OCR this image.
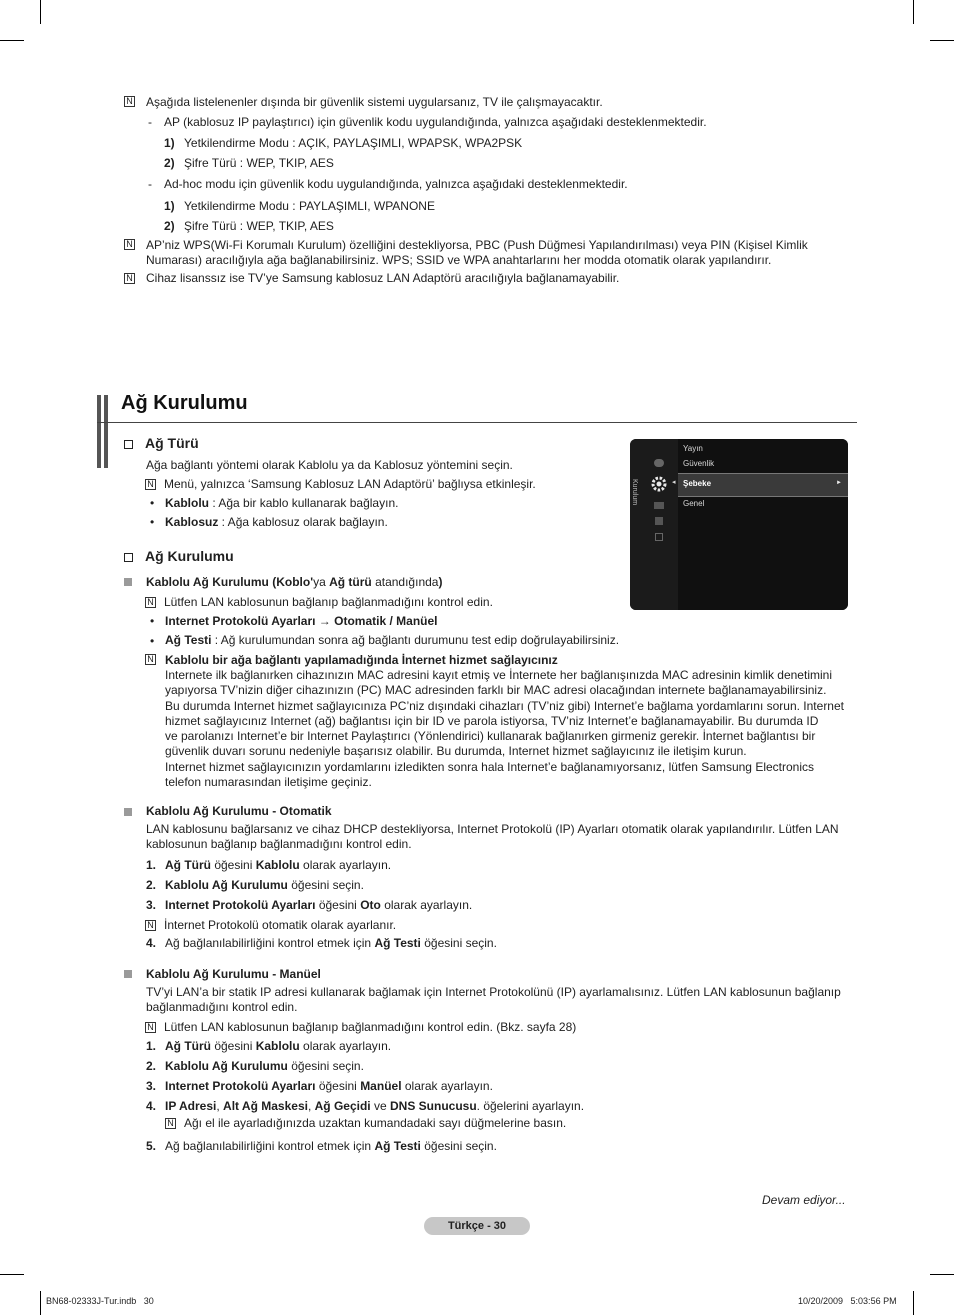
N Aşağıda listelenenler dışında bir güvenlik sistemi uygularsanız, TV ile çalışmayacaktır.
- AP (kablosuz IP paylaştırıcı) için güvenlik kodu uygulandığında, yalnızca aşağıdaki desteklenmektedir.
1) Yetkilendirme Modu : AÇIK, PAYLAŞIMLI, WPAPSK, WPA2PSK
2) Şifre Türü : WEP, TKIP, AES
- Ad-hoc modu için güvenlik kodu uygulandığında, yalnızca aşağıdaki desteklenmektedir.
1) Yetkilendirme Modu : PAYLAŞIMLI, WPANONE
2) Şifre Türü : WEP, TKIP, AES
N AP’niz WPS(Wi-Fi Korumalı Kurulum) özelliğini destekliyorsa, PBC (Push Düğmesi Yapılandırılması) veya PIN (Kişisel Kimlik
Numarası) aracılığıyla ağa bağlanabilirsiniz. WPS; SSID ve WPA anahtarlarını her modda otomatik olarak yapılandırır.
N Cihaz lisanssız ise TV’ye Samsung kablosuz LAN Adaptörü aracılığıyla bağlanamayabilir.
Ağ Kurulumu
Ağ Türü
Ağa bağlantı yöntemi olarak Kablolu ya da Kablosuz yöntemini seçin.
N Menü, yalnızca ‘Samsung Kablosuz LAN Adaptörü’ bağlıysa etkinleşir.
• Kablolu : Ağa bir kablo kullanarak bağlayın.
• Kablosuz : Ağa kablosuz olarak bağlayın.
Ağ Kurulumu
Kablolu Ağ Kurulumu (Koblo'ya Ağ türü atandığında)
N Lütfen LAN kablosunun bağlanıp bağlanmadığını kontrol edin.
• Internet Protokolü Ayarları → Otomatik / Manüel
• Ağ Testi : Ağ kurulumundan sonra ağ bağlantı durumunu test edip doğrulayabilirsiniz.
N Kablolu bir ağa bağlantı yapılamadığında İnternet hizmet sağlayıcınız
Internete ilk bağlanırken cihazınızın MAC adresini kayıt etmiş ve İnternete her bağlanışınızda MAC adresinin kimlik denetimini
yapıyorsa TV’nizin diğer cihazınızın (PC) MAC adresinden farklı bir MAC adresi olacağından internete bağlanamayabilirsiniz.
Bu durumda Internet hizmet sağlayıcınıza PC’niz dışındaki cihazları (TV’niz gibi) Internet’e bağlama yordamlarını sorun. Internet
hizmet sağlayıcınız Internet (ağ) bağlantısı için bir ID ve parola istiyorsa, TV’niz Internet’e bağlanamayabilir. Bu durumda ID
ve parolanızı Internet’e bir Internet Paylaştırıcı (Yönlendirici) kullanarak bağlanırken girmeniz gerekir. İnternet bağlantısı bir
güvenlik duvarı sorunu nedeniyle başarısız olabilir. Bu durumda, Internet hizmet sağlayıcınız ile iletişim kurun.
Internet hizmet sağlayıcınızın yordamlarını izledikten sonra hala Internet’e bağlanamıyorsanız, lütfen Samsung Electronics
telefon numarasından iletişime geçiniz.
Kablolu Ağ Kurulumu - Otomatik
LAN kablosunu bağlarsanız ve cihaz DHCP destekliyorsa, Internet Protokolü (IP) Ayarları otomatik olarak yapılandırılır. Lütfen LAN
kablosunun bağlanıp bağlanmadığını kontrol edin.
1. Ağ Türü öğesini Kablolu olarak ayarlayın.
2. Kablolu Ağ Kurulumu öğesini seçin.
3. Internet Protokolü Ayarları öğesini Oto olarak ayarlayın.
N İnternet Protokolü otomatik olarak ayarlanır.
4. Ağ bağlanılabilirliğini kontrol etmek için Ağ Testi öğesini seçin.
Kablolu Ağ Kurulumu - Manüel
TV’yi LAN’a bir statik IP adresi kullanarak bağlamak için Internet Protokolünü (IP) ayarlamalısınız. Lütfen LAN kablosunun bağlanıp
bağlanmadığını kontrol edin.
N Lütfen LAN kablosunun bağlanıp bağlanmadığını kontrol edin. (Bkz. sayfa 28)
1. Ağ Türü öğesini Kablolu olarak ayarlayın.
2. Kablolu Ağ Kurulumu öğesini seçin.
3. Internet Protokolü Ayarları öğesini Manüel olarak ayarlayın.
4. IP Adresi, Alt Ağ Maskesi, Ağ Geçidi ve DNS Sunucusu. öğelerini ayarlayın.
N Ağı el ile ayarladığınızda uzaktan kumandadaki sayı düğmelerine basın.
5. Ağ bağlanılabilirliğini kontrol etmek için Ağ Testi öğesini seçin.
Kurulum	◂
Yayın
Güvenlik
Şebeke	►
Genel
Devam ediyor...
Türkçe - 30
BN68-02333J-Tur.indb   30	10/20/2009   5:03:56 PM
